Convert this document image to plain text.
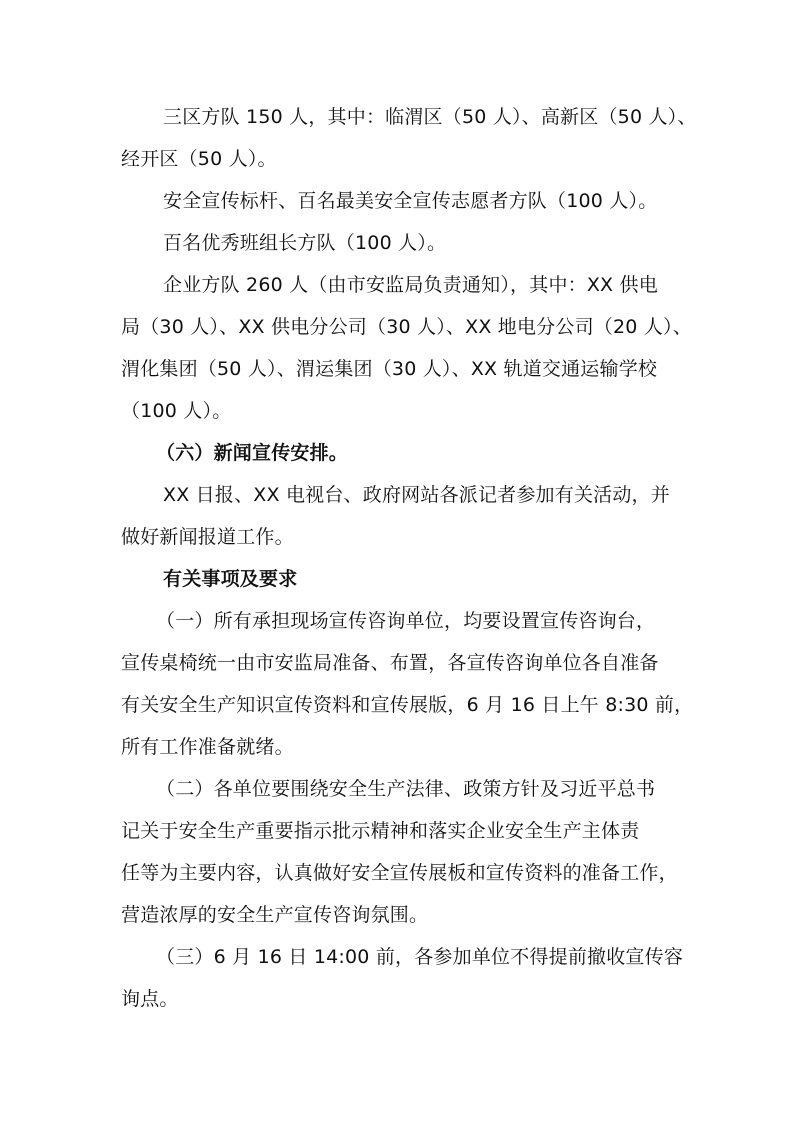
三区方队 150 人，其中：临渭区（50 人）、高新区（50 人）、
经开区（50 人）。
安全宣传标杆、百名最美安全宣传志愿者方队（100 人）。
百名优秀班组长方队（100 人）。
企业方队 260 人（由市安监局负责通知），其中：XX 供电
局（30 人）、XX 供电分公司（30 人）、XX 地电分公司（20 人）、
渭化集团（50 人）、渭运集团（30 人）、XX 轨道交通运输学校
（100 人）。
（六）新闻宣传安排。
XX 日报、XX 电视台、政府网站各派记者参加有关活动，并
做好新闻报道工作。
有关事项及要求
（一）所有承担现场宣传咨询单位，均要设置宣传咨询台，
宣传桌椅统一由市安监局准备、布置，各宣传咨询单位各自准备
有关安全生产知识宣传资料和宣传展版，6 月 16 日上午 8:30 前，
所有工作准备就绪。
（二）各单位要围绕安全生产法律、政策方针及习近平总书
记关于安全生产重要指示批示精神和落实企业安全生产主体责
任等为主要内容，认真做好安全宣传展板和宣传资料的准备工作，
营造浓厚的安全生产宣传咨询氛围。
（三）6 月 16 日 14:00 前，各参加单位不得提前撤收宣传容
询点。
